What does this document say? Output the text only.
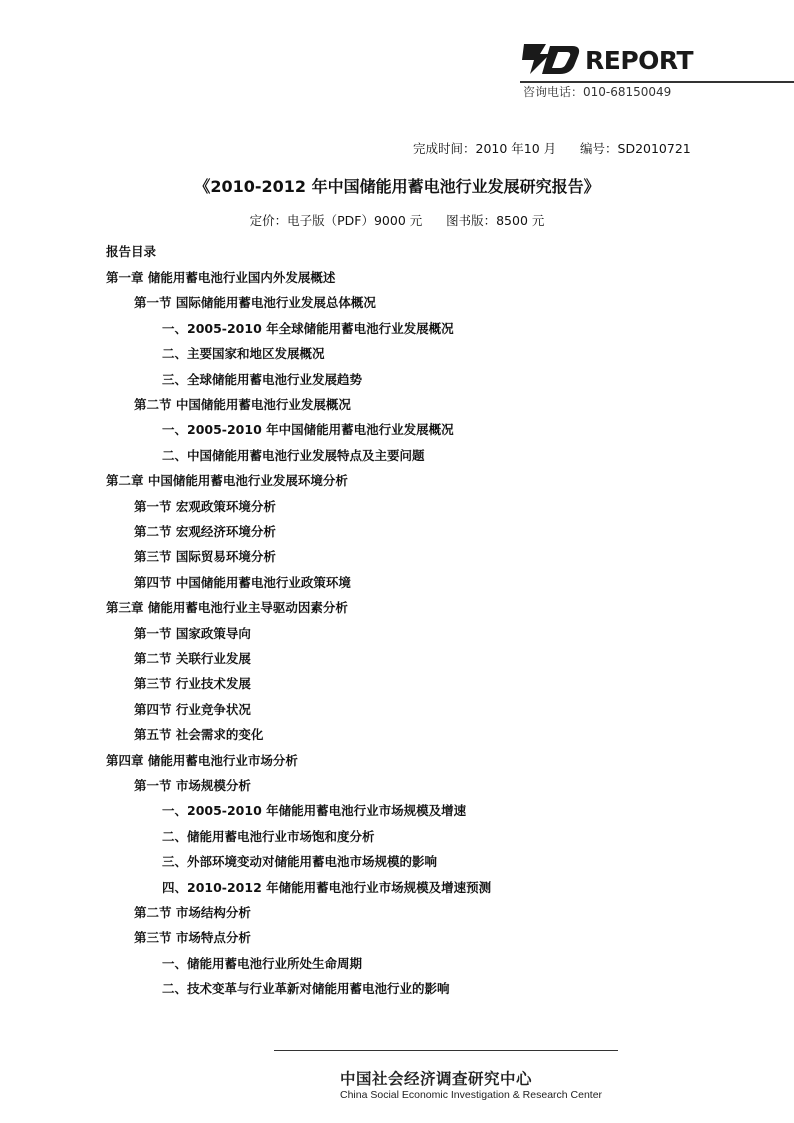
REPORT
咨询电话：010-68150049
完成时间：2010 年10 月      编号：SD2010721
《2010-2012 年中国储能用蓄电池行业发展研究报告》
定价：电子版（PDF）9000 元      图书版：8500 元
报告目录
第一章 储能用蓄电池行业国内外发展概述
第一节 国际储能用蓄电池行业发展总体概况
一、2005-2010 年全球储能用蓄电池行业发展概况
二、主要国家和地区发展概况
三、全球储能用蓄电池行业发展趋势
第二节 中国储能用蓄电池行业发展概况
一、2005-2010 年中国储能用蓄电池行业发展概况
二、中国储能用蓄电池行业发展特点及主要问题
第二章 中国储能用蓄电池行业发展环境分析
第一节 宏观政策环境分析
第二节 宏观经济环境分析
第三节 国际贸易环境分析
第四节 中国储能用蓄电池行业政策环境
第三章 储能用蓄电池行业主导驱动因素分析
第一节 国家政策导向
第二节 关联行业发展
第三节 行业技术发展
第四节 行业竞争状况
第五节 社会需求的变化
第四章 储能用蓄电池行业市场分析
第一节 市场规模分析
一、2005-2010 年储能用蓄电池行业市场规模及增速
二、储能用蓄电池行业市场饱和度分析
三、外部环境变动对储能用蓄电池市场规模的影响
四、2010-2012 年储能用蓄电池行业市场规模及增速预测
第二节 市场结构分析
第三节 市场特点分析
一、储能用蓄电池行业所处生命周期
二、技术变革与行业革新对储能用蓄电池行业的影响
中国社会经济调查研究中心
China Social Economic Investigation & Research Center
